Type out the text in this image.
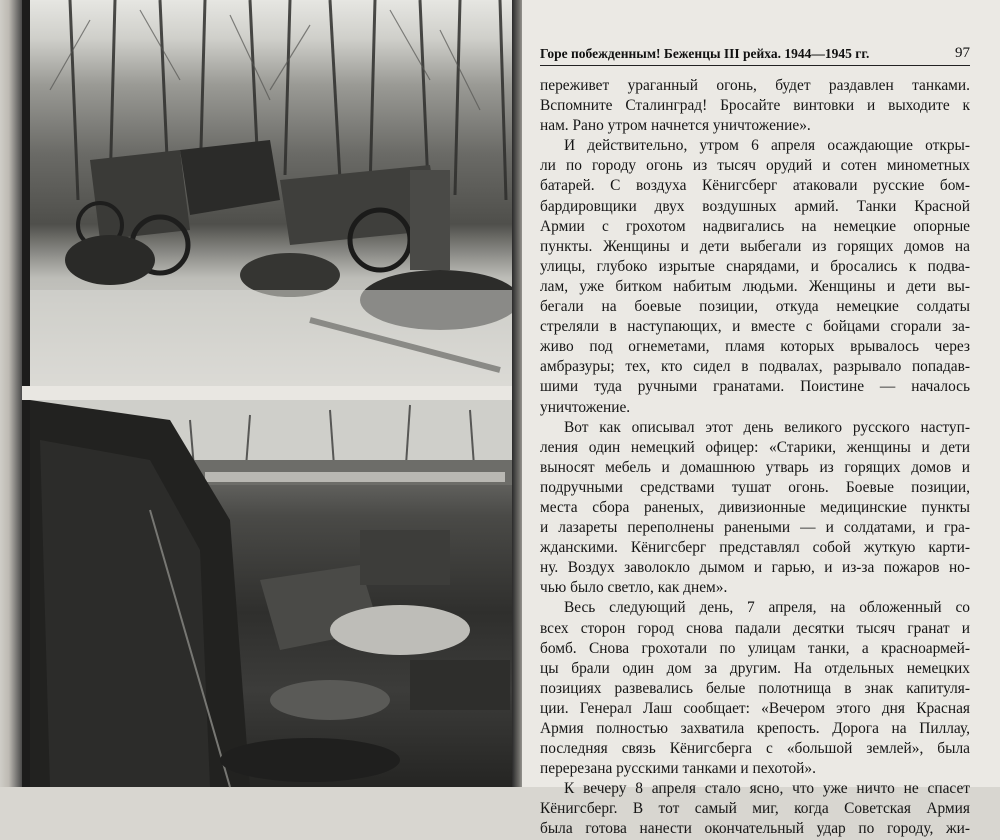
Горе побежденным! Беженцы III рейха. 1944—1945 гг.	97
переживет ураганный огонь, будет раздавлен танками.
Вспомните Сталинград! Бросайте винтовки и выходите к
нам. Рано утром начнется уничтожение».
И действительно, утром 6 апреля осаждающие откры-
ли по городу огонь из тысяч орудий и сотен минометных
батарей. С воздуха Кёнигсберг атаковали русские бом-
бардировщики двух воздушных армий. Танки Красной
Армии с грохотом надвигались на немецкие опорные
пункты. Женщины и дети выбегали из горящих домов на
улицы, глубоко изрытые снарядами, и бросались к подва-
лам, уже битком набитым людьми. Женщины и дети вы-
бегали на боевые позиции, откуда немецкие солдаты
стреляли в наступающих, и вместе с бойцами сгорали за-
живо под огнеметами, пламя которых врывалось через
амбразуры; тех, кто сидел в подвалах, разрывало попадав-
шими туда ручными гранатами. Поистине — началось
уничтожение.
Вот как описывал этот день великого русского наступ-
ления один немецкий офицер: «Старики, женщины и дети
выносят мебель и домашнюю утварь из горящих домов и
подручными средствами тушат огонь. Боевые позиции,
места сбора раненых, дивизионные медицинские пункты
и лазареты переполнены ранеными — и солдатами, и гра-
жданскими. Кёнигсберг представлял собой жуткую карти-
ну. Воздух заволокло дымом и гарью, и из-за пожаров но-
чью было светло, как днем».
Весь следующий день, 7 апреля, на обложенный со
всех сторон город снова падали десятки тысяч гранат и
бомб. Снова грохотали по улицам танки, а красноармей-
цы брали один дом за другим. На отдельных немецких
позициях развевались белые полотнища в знак капитуля-
ции. Генерал Лаш сообщает: «Вечером этого дня Красная
Армия полностью захватила крепость. Дорога на Пиллау,
последняя связь Кёнигсберга с «большой землей», была
перерезана русскими танками и пехотой».
К вечеру 8 апреля стало ясно, что уже ничто не спасет
Кёнигсберг. В тот самый миг, когда Советская Армия
была готова нанести окончательный удар по городу, жи-
